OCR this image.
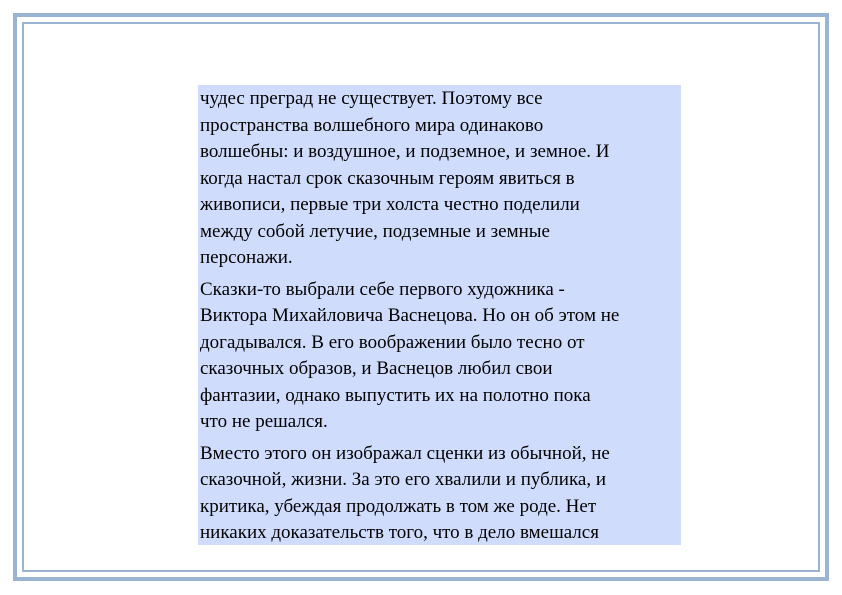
чудес преград не существует. Поэтому все
пространства волшебного мира одинаково
волшебны: и воздушное, и подземное, и земное. И
когда настал срок сказочным героям явиться в
живописи, первые три холста честно поделили
между собой летучие, подземные и земные
персонажи.

Сказки-то выбрали себе первого художника -
Виктора Михайловича Васнецова. Но он об этом не
догадывался. В его воображении было тесно от
сказочных образов, и Васнецов любил свои
фантазии, однако выпустить их на полотно пока
что не решался.

Вместо этого он изображал сценки из обычной, не
сказочной, жизни. За это его хвалили и публика, и
критика, убеждая продолжать в том же роде. Нет
никаких доказательств того, что в дело вмешался
